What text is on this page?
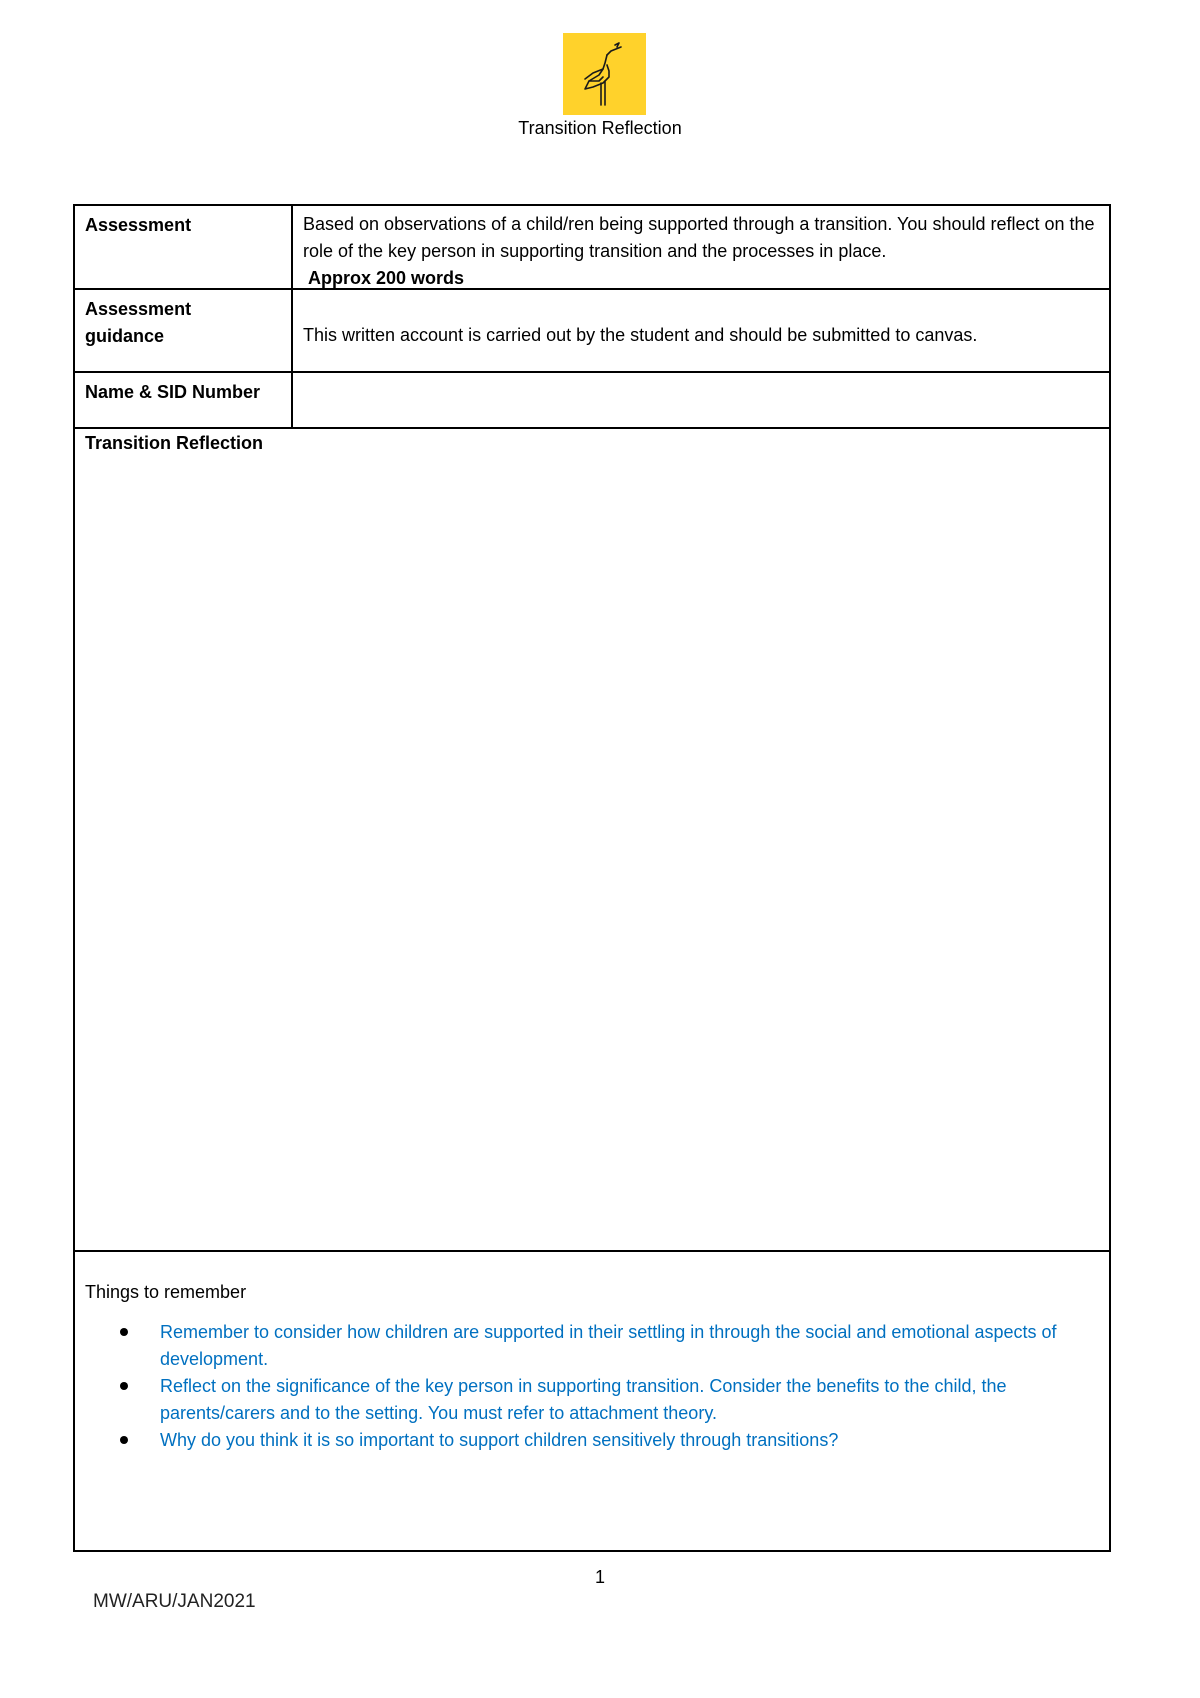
Transition Reflection
Assessment	Based on observations of a child/ren being supported through a transition. You should reflect on the role of the key person in supporting transition and the processes in place.
Approx 200 words
Assessment
guidance	This written account is carried out by the student and should be submitted to canvas.
Name & SID Number
Transition Reflection
Things to remember
Remember to consider how children are supported in their settling in through the social and emotional aspects of development.
Reflect on the significance of the key person in supporting transition. Consider the benefits to the child, the parents/carers and to the setting. You must refer to attachment theory.
Why do you think it is so important to support children sensitively through transitions?
1
MW/ARU/JAN2021
